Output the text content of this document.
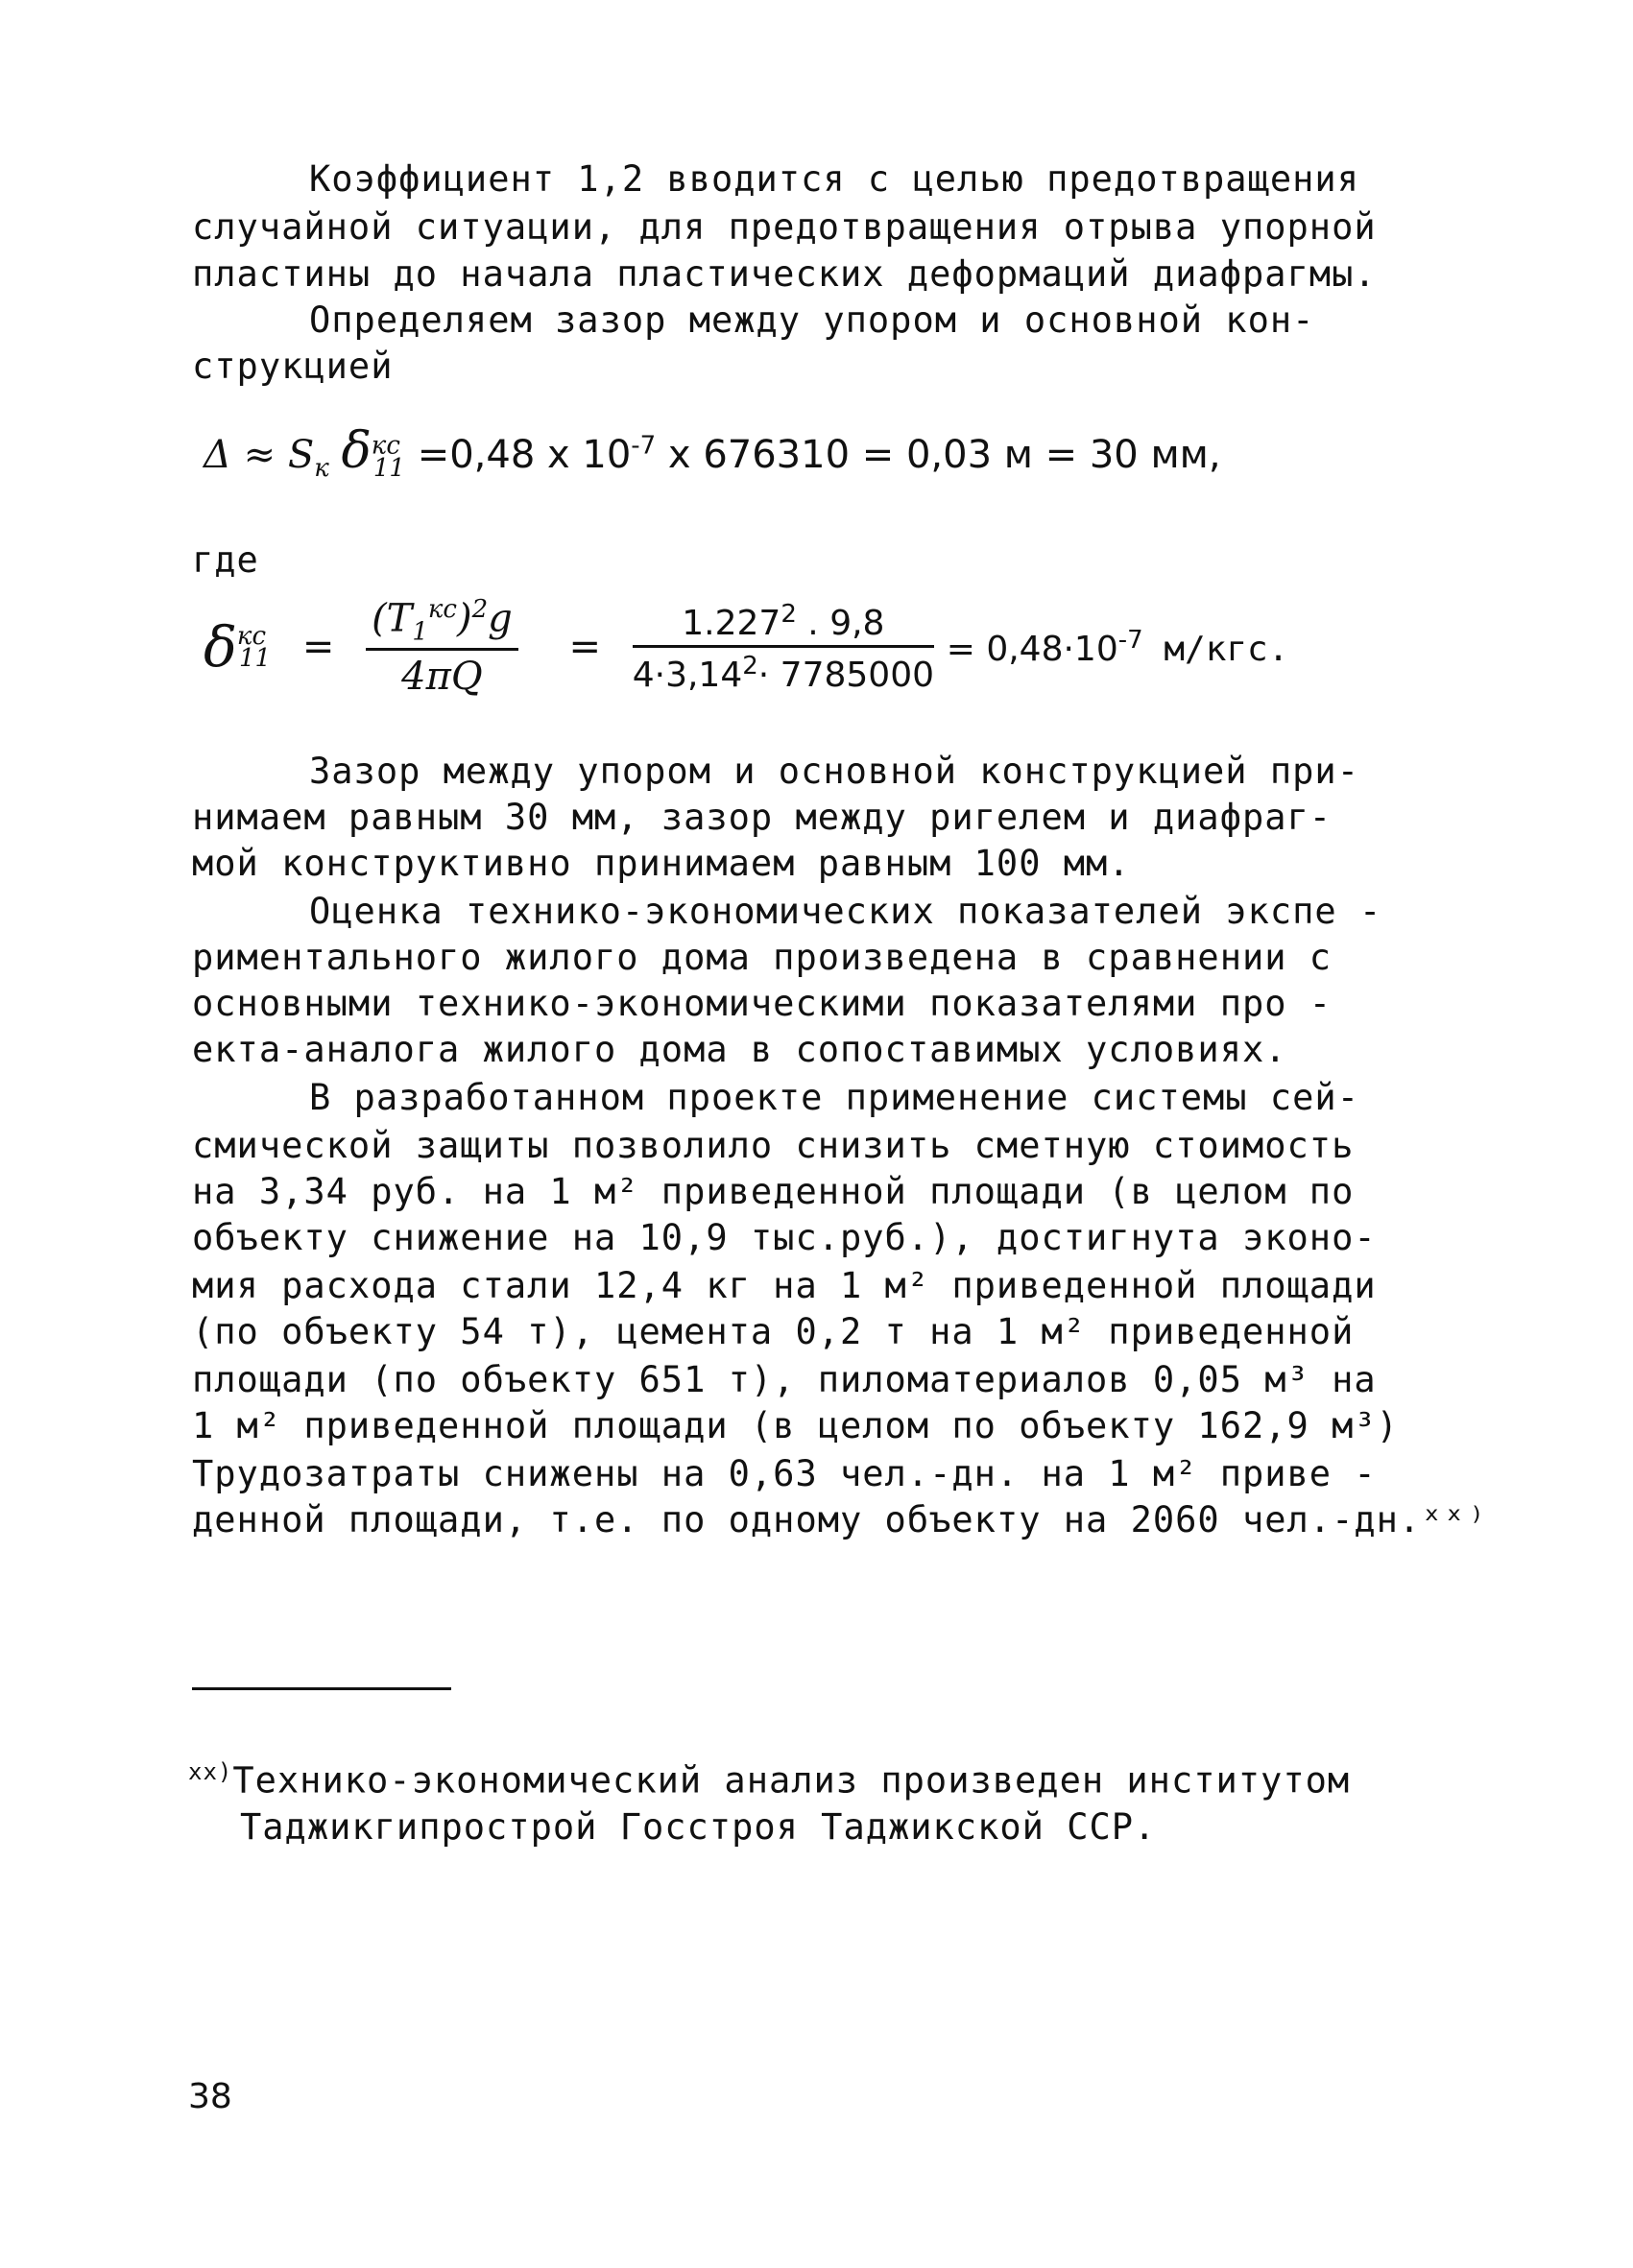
Коэффициент 1,2 вводится с целью предотвращения
случайной ситуации, для предотвращения отрыва упорной
пластины до начала пластических деформаций диафрагмы.
Определяем зазор между упором и основной кон-
струкцией
$\Delta \approx S_к$ $\delta^{кс}_{11} =0,48$ x $10^{-7}$ x 676310 = 0,03 м = 30 мм,
где
$\delta^{кс}_{11} = \frac{(T_1^{кс})^2g}{4\pi Q} = \frac{1.227^2 . 9,8}{4\cdot 3,14^2\cdot 7785000} = 0,48\cdot 10^{-7}$ м/кгс.
Зазор между упором и основной конструкцией при-
нимаем равным 30 мм, зазор между ригелем и диафраг-
мой конструктивно принимаем равным 100 мм.
Оценка технико-экономических показателей экспе -
риментального жилого дома произведена в сравнении с
основными технико-экономическими показателями про -
екта-аналога жилого дома в сопоставимых условиях.
В разработанном проекте применение системы сей-
смической защиты позволило снизить сметную стоимость
на 3,34 руб. на 1 м² приведенной площади (в целом по
объекту снижение на 10,9 тыс.руб.), достигнута эконо-
мия расхода стали 12,4 кг на 1 м² приведенной площади
(по объекту 54 т), цемента 0,2 т на 1 м² приведенной
площади (по объекту 651 т), пиломатериалов 0,05 м³ на
1 м² приведенной площади (в целом по объекту 162,9 м³)
Трудозатраты снижены на 0,63 чел.-дн. на 1 м² приве -
денной площади, т.е. по одному объекту на 2060 чел.-дн.ˣˣ⁾
$^{xx)}$Технико-экономический анализ произведен институтом
Таджикгипрострой Госстроя Таджикской ССР.
38
